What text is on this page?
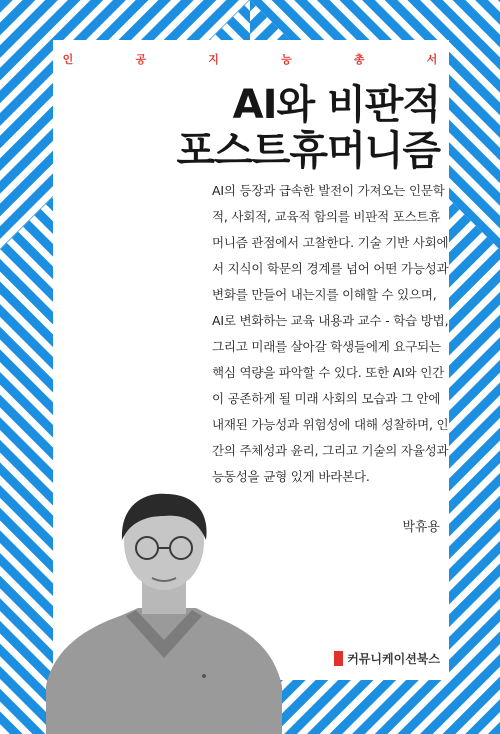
인	공	지	능	총	서
AI와 비판적
포스트휴머니즘

AI의 등장과 급속한 발전이 가져오는 인문학적, 사회적, 교육적 함의를 비판적 포스트휴머니즘 관점에서 고찰한다. 기술 기반 사회에서 지식이 학문의 경계를 넘어 어떤 가능성과 변화를 만들어 내는지를 이해할 수 있으며, AI로 변화하는 교육 내용과 교수 - 학습 방법, 그리고 미래를 살아갈 학생들에게 요구되는 핵심 역량을 파악할 수 있다. 또한 AI와 인간이 공존하게 될 미래 사회의 모습과 그 안에 내재된 가능성과 위험성에 대해 성찰하며, 인간의 주체성과 윤리, 그리고 기술의 자율성과 능동성을 균형 있게 바라본다.

박휴용
커뮤니케이션북스
